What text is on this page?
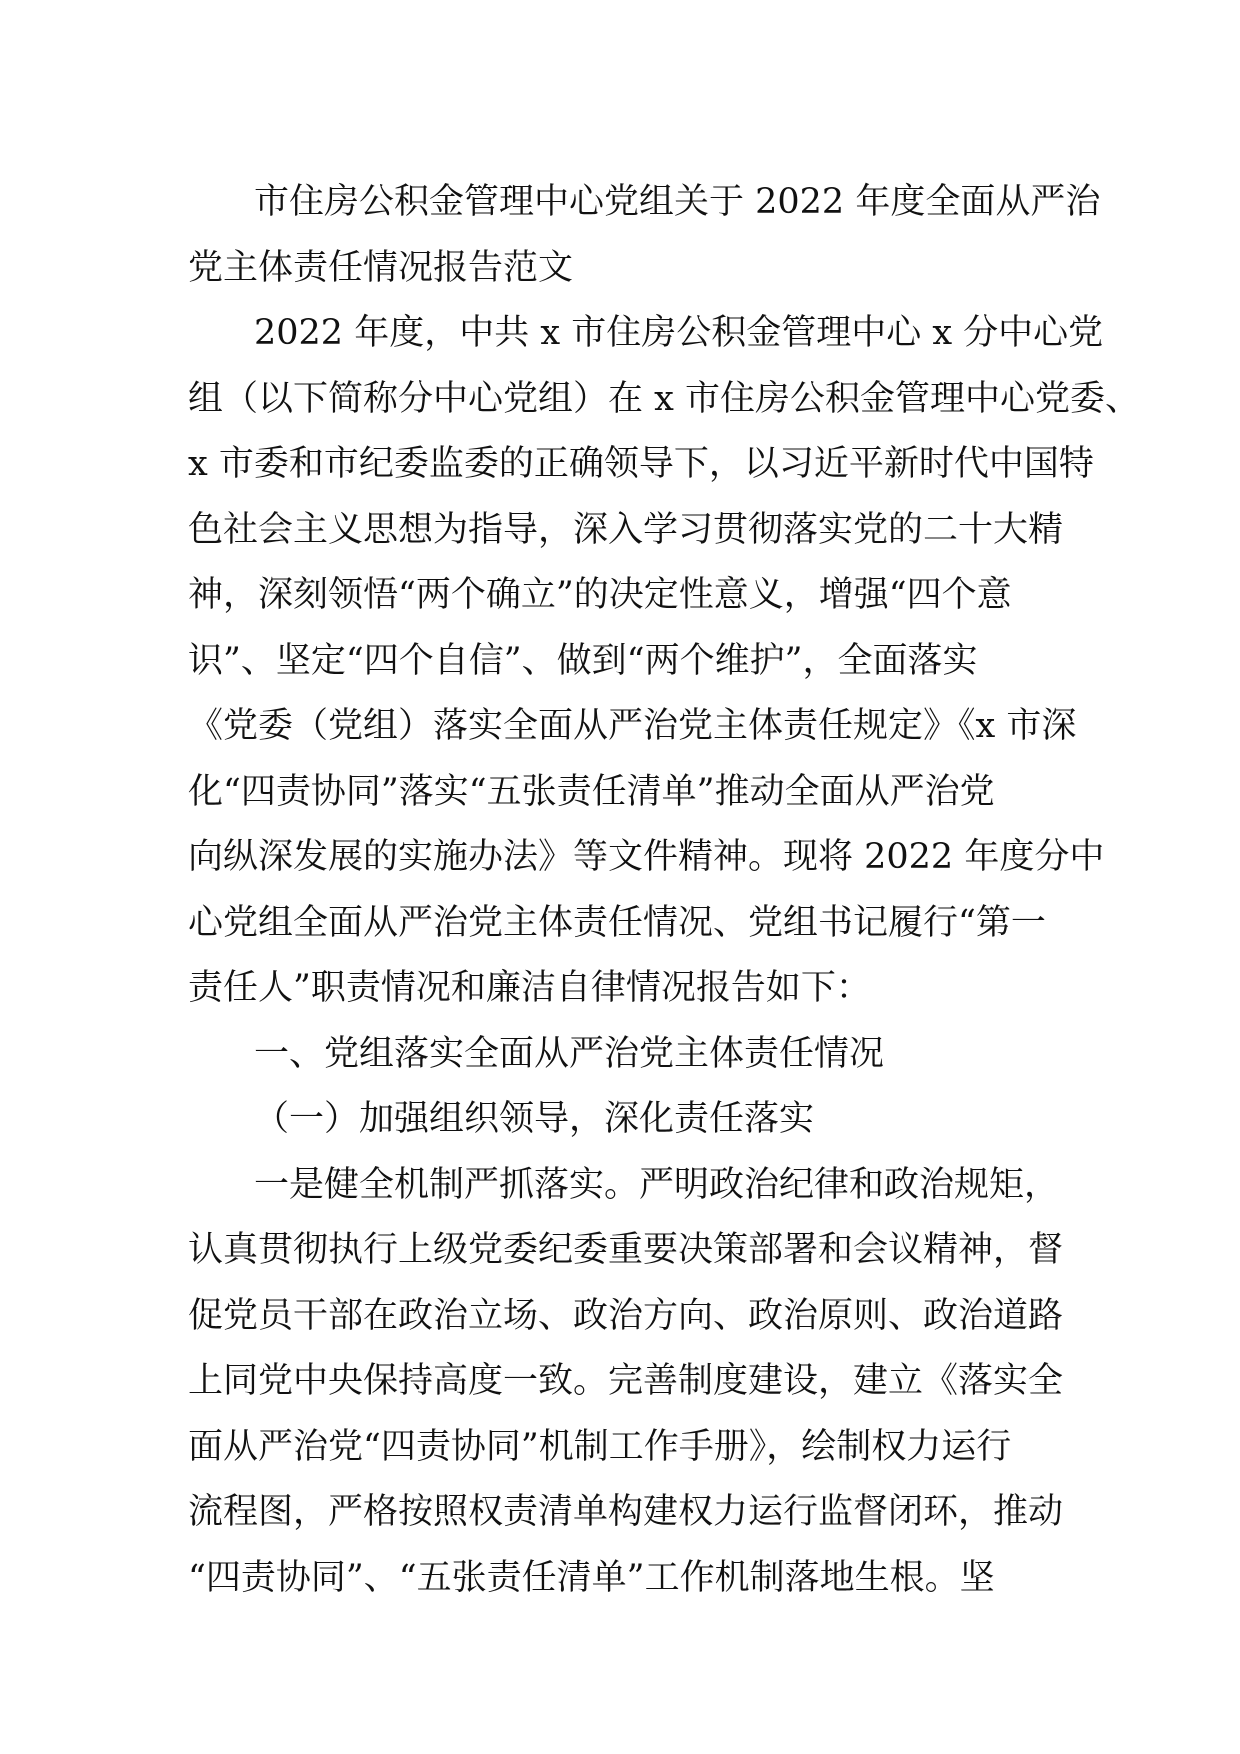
市住房公积金管理中心党组关于 2022 年度全面从严治
党主体责任情况报告范文
2022 年度，中共 x 市住房公积金管理中心 x 分中心党
组（以下简称分中心党组）在 x 市住房公积金管理中心党委、
x 市委和市纪委监委的正确领导下，以习近平新时代中国特
色社会主义思想为指导，深入学习贯彻落实党的二十大精
神，深刻领悟“两个确立”的决定性意义，增强“四个意
识”、坚定“四个自信”、做到“两个维护”，全面落实
《党委（党组）落实全面从严治党主体责任规定》《x 市深
化“四责协同”落实“五张责任清单”推动全面从严治党
向纵深发展的实施办法》等文件精神。现将 2022 年度分中
心党组全面从严治党主体责任情况、党组书记履行“第一
责任人”职责情况和廉洁自律情况报告如下：
一、党组落实全面从严治党主体责任情况
（一）加强组织领导，深化责任落实
一是健全机制严抓落实。严明政治纪律和政治规矩，
认真贯彻执行上级党委纪委重要决策部署和会议精神，督
促党员干部在政治立场、政治方向、政治原则、政治道路
上同党中央保持高度一致。完善制度建设，建立《落实全
面从严治党“四责协同”机制工作手册》，绘制权力运行
流程图，严格按照权责清单构建权力运行监督闭环，推动
“四责协同”、“五张责任清单”工作机制落地生根。坚
